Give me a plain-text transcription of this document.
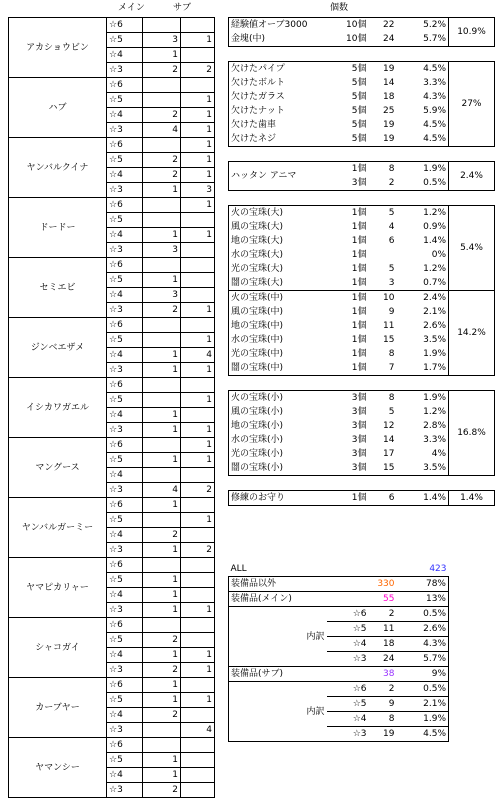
メイン	サブ	個数
アカショウビン	☆6		
	☆5	3	1
	☆4	1	
	☆3	2	2
ハブ	☆6		
	☆5		1
	☆4	2	1
	☆3	4	1
ヤンバルクイナ	☆6		1
	☆5	2	1
	☆4	2	1
	☆3	1	3
ドードー	☆6		1
	☆5		
	☆4	1	1
	☆3	3	
セミエビ	☆6		
	☆5	1	
	☆4	3	
	☆3	2	1
ジンベエザメ	☆6		
	☆5		1
	☆4	1	4
	☆3	1	1
イシカワガエル	☆6		
	☆5		1
	☆4	1	
	☆3	1	1
マングース	☆6		1
	☆5	1	1
	☆4		
	☆3	4	2
ヤンバルガーミー	☆6	1	
	☆5		1
	☆4	2	
	☆3	1	2
ヤマピカリャー	☆6		
	☆5	1	
	☆4	1	
	☆3	1	1
シャコガイ	☆6		
	☆5	2	
	☆4	1	1
	☆3	2	1
カーブヤー	☆6	1	
	☆5	1	1
	☆4	2	
	☆3		4
ヤマンシー	☆6		
	☆5	1	
	☆4	1	
	☆3	2	
経験値オーブ3000	10個	22	5.2%	10.9%
金塊(中)	10個	24	5.7%	

欠けたパイプ	5個	19	4.5%	27%
欠けたボルト	5個	14	3.3%	
欠けたガラス	5個	18	4.3%	
欠けたナット	5個	25	5.9%	
欠けた歯車	5個	19	4.5%	
欠けたネジ	5個	19	4.5%	

ハッタン アニマ	1個	8	1.9%	2.4%
	3個	2	0.5%	

火の宝珠(大)	1個	5	1.2%	5.4%
風の宝珠(大)	1個	4	0.9%	
地の宝珠(大)	1個	6	1.4%	
水の宝珠(大)	1個		0%	
光の宝珠(大)	1個	5	1.2%	
闇の宝珠(大)	1個	3	0.7%	
火の宝珠(中)	1個	10	2.4%	14.2%
風の宝珠(中)	1個	9	2.1%	
地の宝珠(中)	1個	11	2.6%	
水の宝珠(中)	1個	15	3.5%	
光の宝珠(中)	1個	8	1.9%	
闇の宝珠(中)	1個	7	1.7%	

火の宝珠(小)	3個	8	1.9%	16.8%
風の宝珠(小)	3個	5	1.2%	
地の宝珠(小)	3個	12	2.8%	
水の宝珠(小)	3個	14	3.3%	
光の宝珠(小)	3個	17	4%	
闇の宝珠(小)	3個	15	3.5%	

修練のお守り	1個	6	1.4%	1.4%
ALL		423	
装備品以外		330	78%
装備品(メイン)		55	13%
内訳	☆6	2	0.5%
	☆5	11	2.6%
	☆4	18	4.3%
	☆3	24	5.7%
装備品(サブ)		38	9%
内訳	☆6	2	0.5%
	☆5	9	2.1%
	☆4	8	1.9%
	☆3	19	4.5%
